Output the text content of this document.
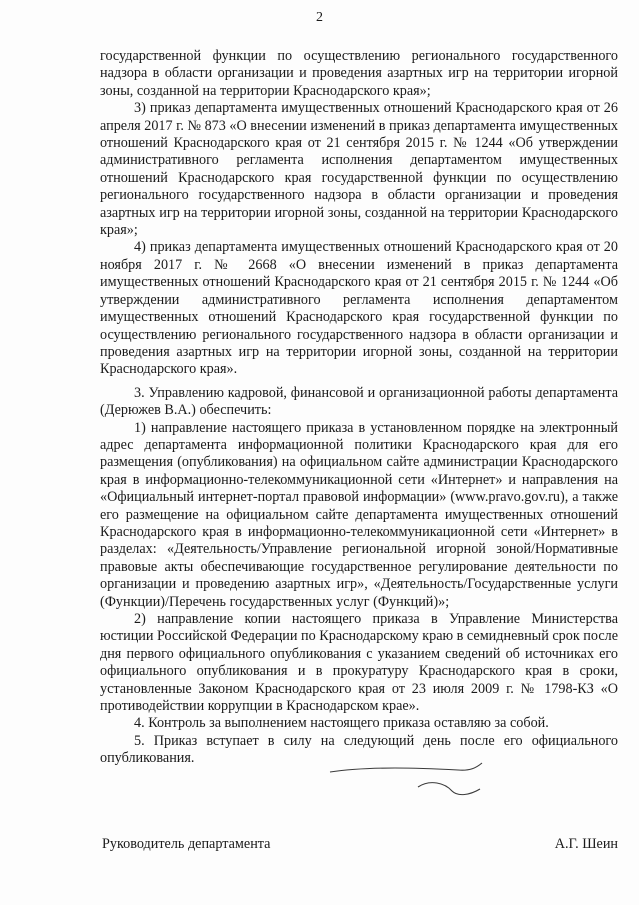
2

государственной функции по осуществлению регионального государственного надзора в области организации и проведения азартных игр на территории игорной зоны, созданной на территории Краснодарского края»;

3) приказ департамента имущественных отношений Краснодарского края от 26 апреля 2017 г. № 873 «О внесении изменений в приказ департамента имущественных отношений Краснодарского края от 21 сентября 2015 г. № 1244 «Об утверждении административного регламента исполнения департаментом имущественных отношений Краснодарского края государственной функции по осуществлению регионального государственного надзора в области организации и проведения азартных игр на территории игорной зоны, созданной на территории Краснодарского края»;

4) приказ департамента имущественных отношений Краснодарского края от 20 ноября 2017 г. № 2668 «О внесении изменений в приказ департамента имущественных отношений Краснодарского края от 21 сентября 2015 г. № 1244 «Об утверждении административного регламента исполнения департаментом имущественных отношений Краснодарского края государственной функции по осуществлению регионального государственного надзора в области организации и проведения азартных игр на территории игорной зоны, созданной на территории Краснодарского края».

3. Управлению кадровой, финансовой и организационной работы департамента (Дерюжев В.А.) обеспечить:

1) направление настоящего приказа в установленном порядке на электронный адрес департамента информационной политики Краснодарского края для его размещения (опубликования) на официальном сайте администрации Краснодарского края в информационно-телекоммуникационной сети «Интернет» и направления на «Официальный интернет-портал правовой информации» (www.pravo.gov.ru), а также его размещение на официальном сайте департамента имущественных отношений Краснодарского края в информационно-телекоммуникационной сети «Интернет» в разделах: «Деятельность/Управление региональной игорной зоной/Нормативные правовые акты обеспечивающие государственное регулирование деятельности по организации и проведению азартных игр», «Деятельность/Государственные услуги (Функции)/Перечень государственных услуг (Функций)»;

2) направление копии настоящего приказа в Управление Министерства юстиции Российской Федерации по Краснодарскому краю в семидневный срок после дня первого официального опубликования с указанием сведений об источниках его официального опубликования и в прокуратуру Краснодарского края в сроки, установленные Законом Краснодарского края от 23 июля 2009 г. № 1798-КЗ «О противодействии коррупции в Краснодарском крае».

4. Контроль за выполнением настоящего приказа оставляю за собой.

5. Приказ вступает в силу на следующий день после его официального опубликования.

Руководитель департамента	А.Г. Шеин
